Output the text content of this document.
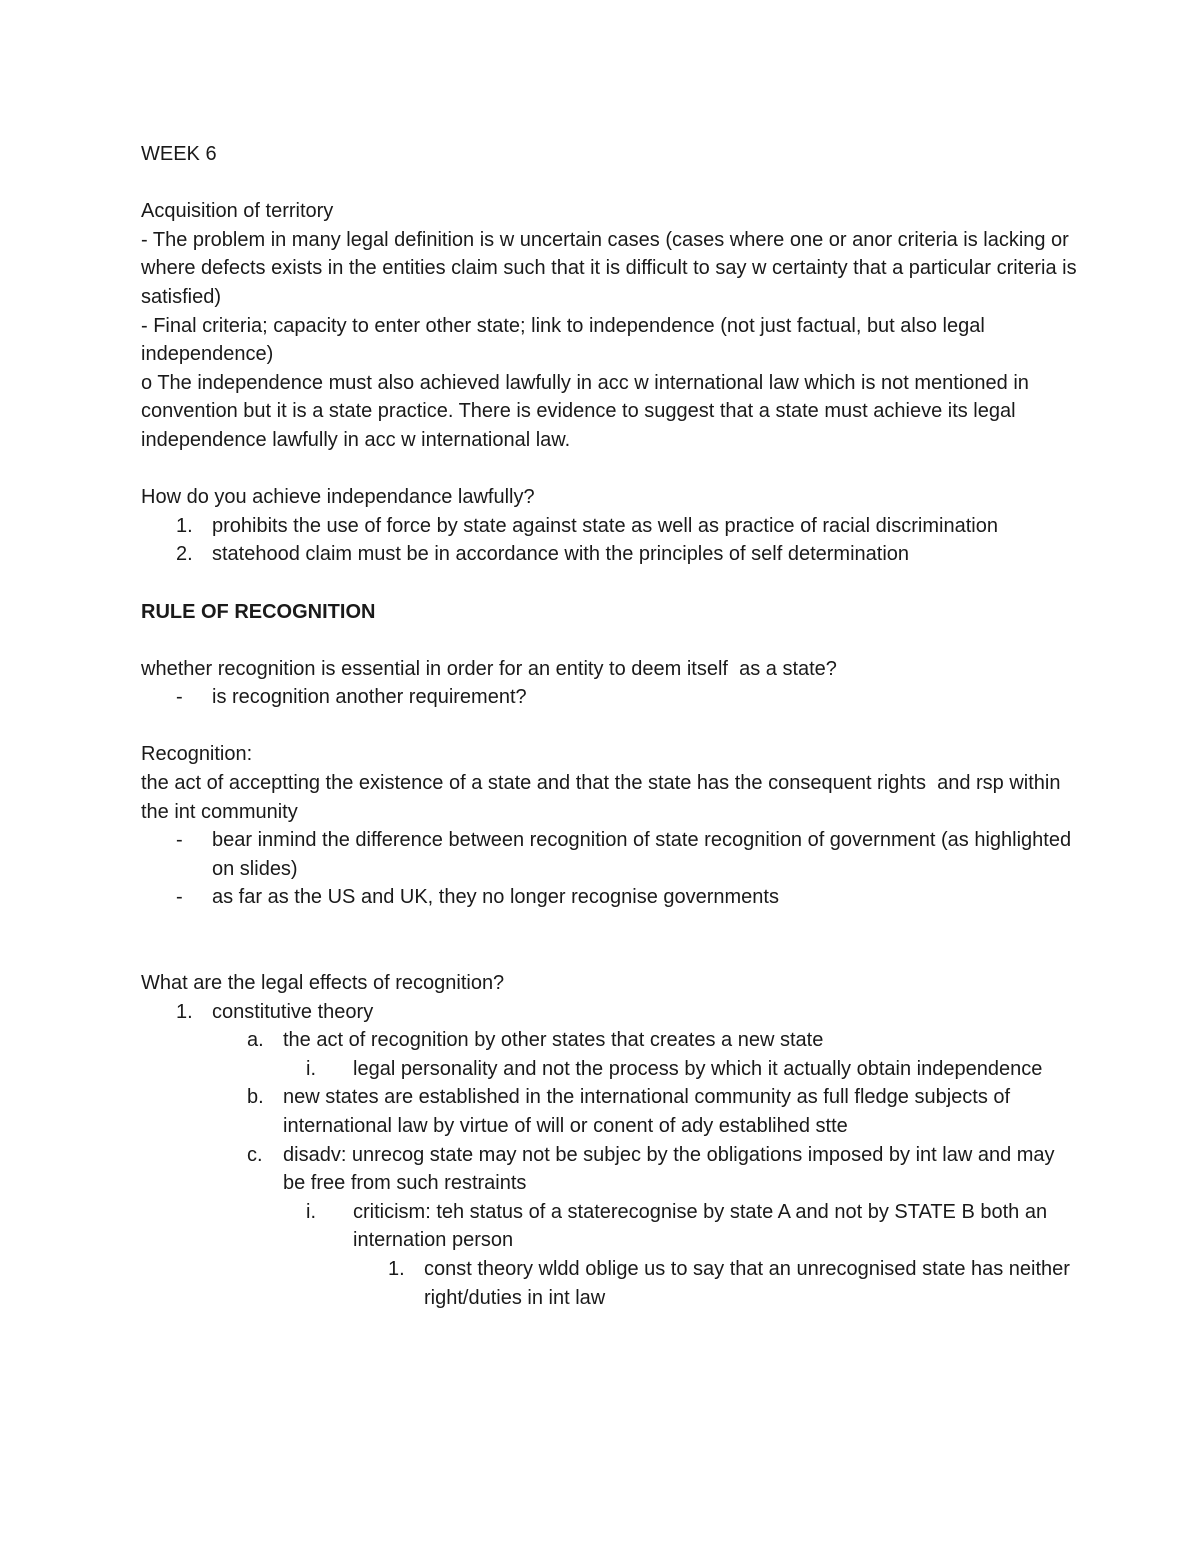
WEEK 6
Acquisition of territory
- The problem in many legal definition is w uncertain cases (cases where one or anor criteria is lacking or where defects exists in the entities claim such that it is difficult to say w certainty that a particular criteria is satisfied)
- Final criteria; capacity to enter other state; link to independence (not just factual, but also legal independence)
o The independence must also achieved lawfully in acc w international law which is not mentioned in convention but it is a state practice. There is evidence to suggest that a state must achieve its legal independence lawfully in acc w international law.
How do you achieve independance lawfully?
1. prohibits the use of force by state against state as well as practice of racial discrimination
2. statehood claim must be in accordance with the principles of self determination
RULE OF RECOGNITION
whether recognition is essential in order for an entity to deem itself  as a state?
- is recognition another requirement?
Recognition:
the act of acceptting the existence of a state and that the state has the consequent rights  and rsp within the int community
- bear inmind the difference between recognition of state recognition of government (as highlighted on slides)
- as far as the US and UK, they no longer recognise governments
What are the legal effects of recognition?
1. constitutive theory
a. the act of recognition by other states that creates a new state
i. legal personality and not the process by which it actually obtain independence
b. new states are established in the international community as full fledge subjects of international law by virtue of will or conent of ady establihed stte
c. disadv: unrecog state may not be subjec by the obligations imposed by int law and may be free from such restraints
i. criticism: teh status of a staterecognise by state A and not by STATE B both an internation person
1. const theory wldd oblige us to say that an unrecognised state has neither right/duties in int law
